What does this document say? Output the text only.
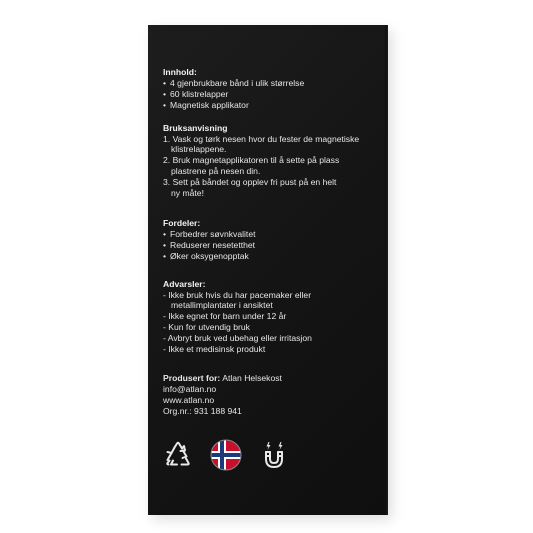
Innhold:

• 4 gjenbrukbare bånd i ulik størrelse
• 60 klistrelapper
• Magnetisk applikator

Bruksanvisning

1. Vask og tørk nesen hvor du fester de magnetiske
klistrelappene.
2. Bruk magnetapplikatoren til å sette på plass
plastrene på nesen din.
3. Sett på båndet og opplev fri pust på en helt
ny måte!

Fordeler:

• Forbedrer søvnkvalitet
• Reduserer nesetetthet
• Øker oksygenopptak

Advarsler:

- Ikke bruk hvis du har pacemaker eller
metallimplantater i ansiktet
- Ikke egnet for barn under 12 år
- Kun for utvendig bruk
- Avbryt bruk ved ubehag eller irritasjon
- Ikke et medisinsk produkt
Produsert for: Atlan Helsekost
info@atlan.no
www.atlan.no
Org.nr.: 931 188 941
